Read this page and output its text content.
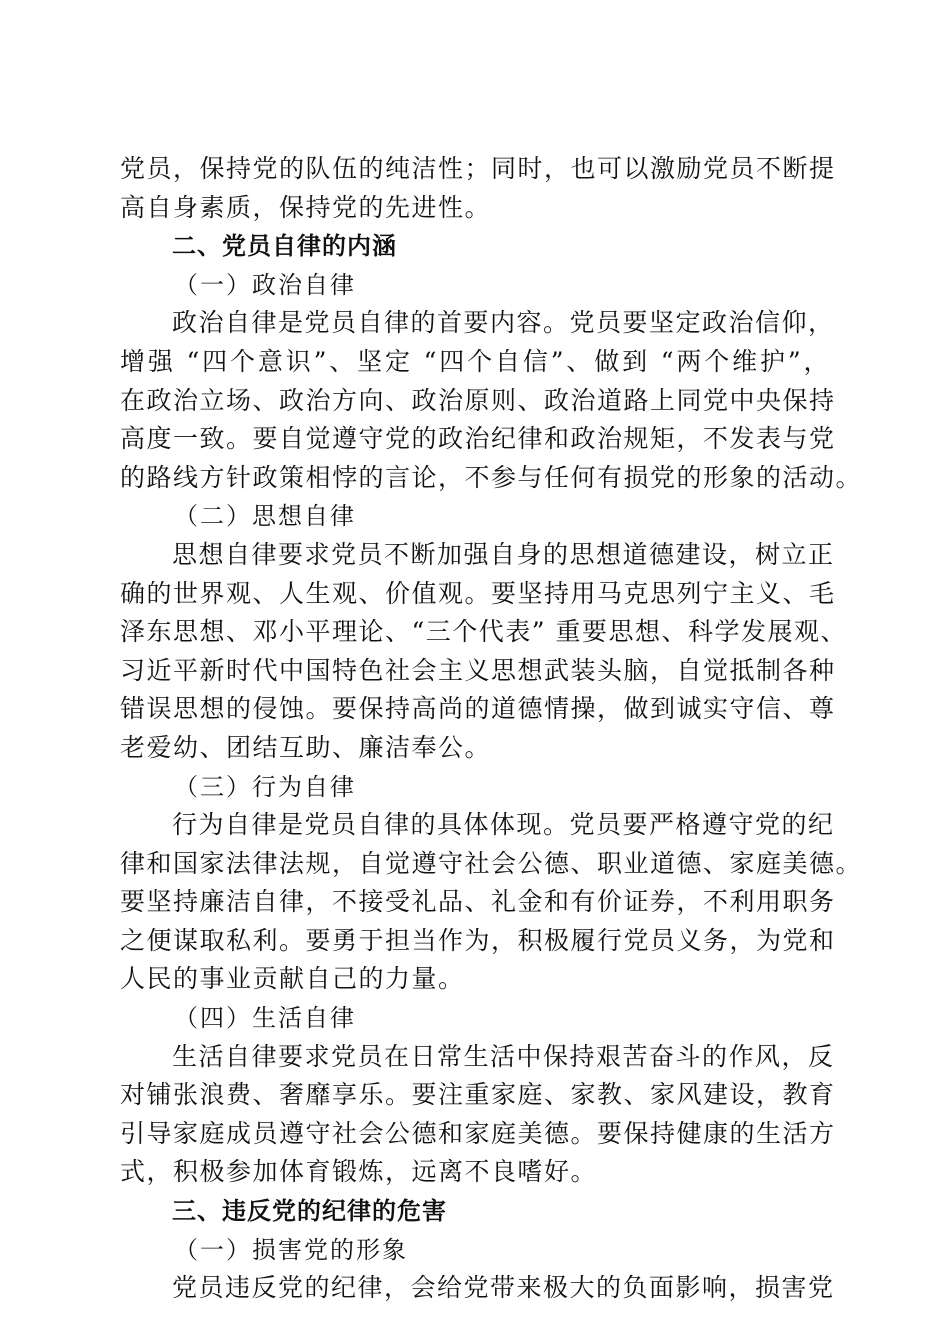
党员，保持党的队伍的纯洁性；同时，也可以激励党员不断提
高自身素质，保持党的先进性。
二、党员自律的内涵
（一）政治自律
政治自律是党员自律的首要内容。党员要坚定政治信仰，
增强 “四个意识”、坚定 “四个自信”、做到 “两个维护”，
在政治立场、政治方向、政治原则、政治道路上同党中央保持
高度一致。要自觉遵守党的政治纪律和政治规矩，不发表与党
的路线方针政策相悖的言论，不参与任何有损党的形象的活动。
（二）思想自律
思想自律要求党员不断加强自身的思想道德建设，树立正
确的世界观、人生观、价值观。要坚持用马克思列宁主义、毛
泽东思想、邓小平理论、“三个代表” 重要思想、科学发展观、
习近平新时代中国特色社会主义思想武装头脑，自觉抵制各种
错误思想的侵蚀。要保持高尚的道德情操，做到诚实守信、尊
老爱幼、团结互助、廉洁奉公。
（三）行为自律
行为自律是党员自律的具体体现。党员要严格遵守党的纪
律和国家法律法规，自觉遵守社会公德、职业道德、家庭美德。
要坚持廉洁自律，不接受礼品、礼金和有价证券，不利用职务
之便谋取私利。要勇于担当作为，积极履行党员义务，为党和
人民的事业贡献自己的力量。
（四）生活自律
生活自律要求党员在日常生活中保持艰苦奋斗的作风，反
对铺张浪费、奢靡享乐。要注重家庭、家教、家风建设，教育
引导家庭成员遵守社会公德和家庭美德。要保持健康的生活方
式，积极参加体育锻炼，远离不良嗜好。
三、违反党的纪律的危害
（一）损害党的形象
党员违反党的纪律，会给党带来极大的负面影响，损害党
